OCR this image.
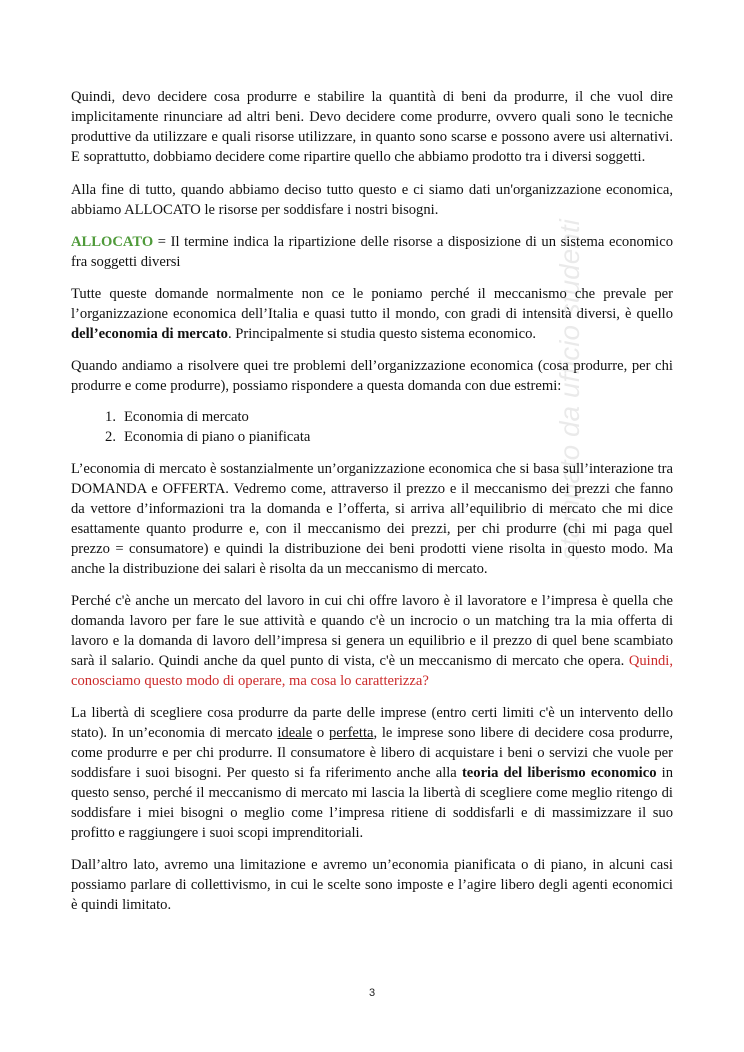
Quindi, devo decidere cosa produrre e stabilire la quantità di beni da produrre, il che vuol dire implicitamente rinunciare ad altri beni. Devo decidere come produrre, ovvero quali sono le tecniche produttive da utilizzare e quali risorse utilizzare, in quanto sono scarse e possono avere usi alternativi. E soprattutto, dobbiamo decidere come ripartire quello che abbiamo prodotto tra i diversi soggetti.

Alla fine di tutto, quando abbiamo deciso tutto questo e ci siamo dati un'organizzazione economica, abbiamo ALLOCATO le risorse per soddisfare i nostri bisogni.

ALLOCATO = Il termine indica la ripartizione delle risorse a disposizione di un sistema economico fra soggetti diversi

Tutte queste domande normalmente non ce le poniamo perché il meccanismo che prevale per l’organizzazione economica dell’Italia e quasi tutto il mondo, con gradi di intensità diversi, è quello dell’economia di mercato. Principalmente si studia questo sistema economico.

Quando andiamo a risolvere quei tre problemi dell’organizzazione economica (cosa produrre, per chi produrre e come produrre), possiamo rispondere a questa domanda con due estremi:

1. Economia di mercato
2. Economia di piano o pianificata

L’economia di mercato è sostanzialmente un’organizzazione economica che si basa sull’interazione tra DOMANDA e OFFERTA. Vedremo come, attraverso il prezzo e il meccanismo dei prezzi che fanno da vettore d’informazioni tra la domanda e l’offerta, si arriva all’equilibrio di mercato che mi dice esattamente quanto produrre e, con il meccanismo dei prezzi, per chi produrre (chi mi paga quel prezzo = consumatore) e quindi la distribuzione dei beni prodotti viene risolta in questo modo. Ma anche la distribuzione dei salari è risolta da un meccanismo di mercato.

Perché c'è anche un mercato del lavoro in cui chi offre lavoro è il lavoratore e l’impresa è quella che domanda lavoro per fare le sue attività e quando c'è un incrocio o un matching tra la mia offerta di lavoro e la domanda di lavoro dell’impresa si genera un equilibrio e il prezzo di quel bene scambiato sarà il salario. Quindi anche da quel punto di vista, c'è un meccanismo di mercato che opera. Quindi, conosciamo questo modo di operare, ma cosa lo caratterizza?

La libertà di scegliere cosa produrre da parte delle imprese (entro certi limiti c'è un intervento dello stato). In un’economia di mercato ideale o perfetta, le imprese sono libere di decidere cosa produrre, come produrre e per chi produrre. Il consumatore è libero di acquistare i beni o servizi che vuole per soddisfare i suoi bisogni. Per questo si fa riferimento anche alla teoria del liberismo economico in questo senso, perché il meccanismo di mercato mi lascia la libertà di scegliere come meglio ritengo di soddisfare i miei bisogni o meglio come l’impresa ritiene di soddisfarli e di massimizzare il suo profitto e raggiungere i suoi scopi imprenditoriali.

Dall’altro lato, avremo una limitazione e avremo un’economia pianificata o di piano, in alcuni casi possiamo parlare di collettivismo, in cui le scelte sono imposte e l’agire libero degli agenti economici è quindi limitato.

stampato da ufficio studenti
3
